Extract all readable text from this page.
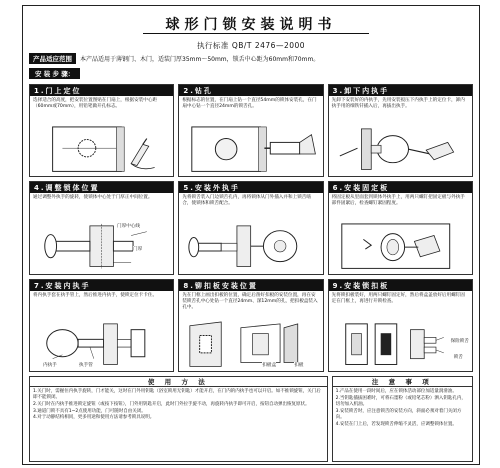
球形门锁安装说明书
执行标准 QB/T 2476—2000
产品适应范围	本产品适用于薄钢门、木门，适装门厚35mm～50mm，锁舌中心距为60mm和70mm。
安 装 步 骤：
1.门上定位
选择适合的高度，把安装位置图贴在门扇上，根据安装中心距（60mm或70mm），用铅笔做开孔标志。
2.钻孔
根据标志的位置，在门扇上钻一个直径54mm的锁体安装孔，在门扇中心钻一个直径24mm的锁舌孔。
3.卸下内执手
先卸下安装好的内执手，先用安装扳压下内执手上的定位卡，卸内执手用的细铁钎插入后，再拔出执手。
4.调整锁体位置
通过调整外执手的旋转，使锁体中心处于门厚正中间位置。
门厚中心线
门厚
5.安装外执手
先将锁舌装入门边锁舌孔内，再将锁体从门外插入并和上锁舌啮合，使锁体和锁舌配合。
6.安装固定板
将固定板从里面套到锁体外执手上，用两只螺钉把固定板与外执手部件固紧后，检查螺钉紧固程度。
7.安装内执手
将内执手套在执手管上，然后推进内执手，使锁定位卡卡住。
内执手	执手管
8.铆扣板安装位置
先在门框上画出扣板的位置，确定后凿好扣板的安装位置，再在安装锁舌孔中心处钻一个直径24mm、深12mm的孔，把扣板盒装入孔中。
扣板盒	扣板
9.安装锁扣板
先将锁扣板装好，用两只螺钉固定好，然后将盒盖放好后用螺钉固定在门框上，再进行开锁检查。
保险锁舌
锁舌
使 用 方 法

1.关门时，需握住内执手旋转，门才能关，这时在门外用钥匙（浴室锁用无钥匙）才能开启，在门内的内执手也可以开启。如不推锁旋钮，关门后即不能锁闭。

2.关门时在内执手推进锁定旋钮（或按下按钮），门外用钥匙开启，此时门外拉手旋不动，再旋转内执手即可开启，按钮自动弹出恢复原状。

3.通道门锁不具有1~2点使用功能，门可随时自由关闭。

4.对于动静结构相同，更多用途和使用方法请参考锁具说明。

注 意 事 项

1.产品在使用一段时间后，应在锁体活动部位加适量润滑油。

2.当钥匙插拔困难时，可将石墨粉（或铅笔芯粉）洒入钥匙孔内，切勿加入机油。

3.安装锁舌时，应注意锁舌的安装方向，斜面必须对着门关闭方向。

4.安装在门上后，若发现锁舌伸缩不灵活，应调整锁体位置。
